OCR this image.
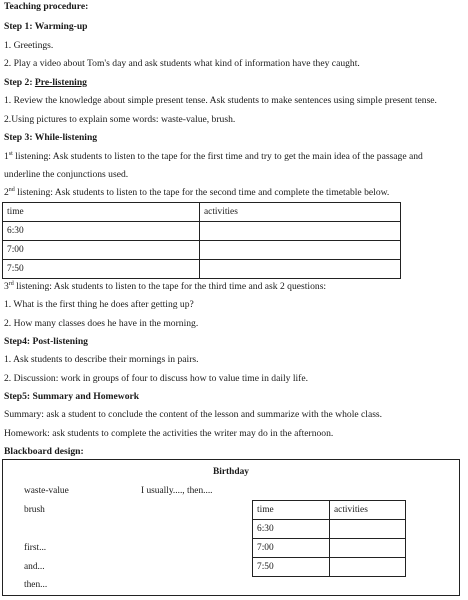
Teaching procedure:
Step 1: Warming-up
1. Greetings.
2. Play a video about Tom's day and ask students what kind of information have they caught.
Step 2: Pre-listening
1. Review the knowledge about simple present tense. Ask students to make sentences using simple present tense.
2.Using pictures to explain some words: waste-value, brush.
Step 3: While-listening
1st listening: Ask students to listen to the tape for the first time and try to get the main idea of the passage and
underline the conjunctions used.
2nd listening: Ask students to listen to the tape for the second time and complete the timetable below.
time	activities
6:30	
7:00	
7:50	
3rd listening: Ask students to listen to the tape for the third time and ask 2 questions:
1. What is the first thing he does after getting up?
2. How many classes does he have in the morning.
Step4: Post-listening
1. Ask students to describe their mornings in pairs.
2. Discussion: work in groups of four to discuss how to value time in daily life.
Step5: Summary and Homework
Summary: ask a student to conclude the content of the lesson and summarize with the whole class.
Homework: ask students to complete the activities the writer may do in the afternoon.
Blackboard design:
Birthday
waste-value	I usually...., then....
brush
first...
and...
then...
time	activities
6:30	
7:00	
7:50	
